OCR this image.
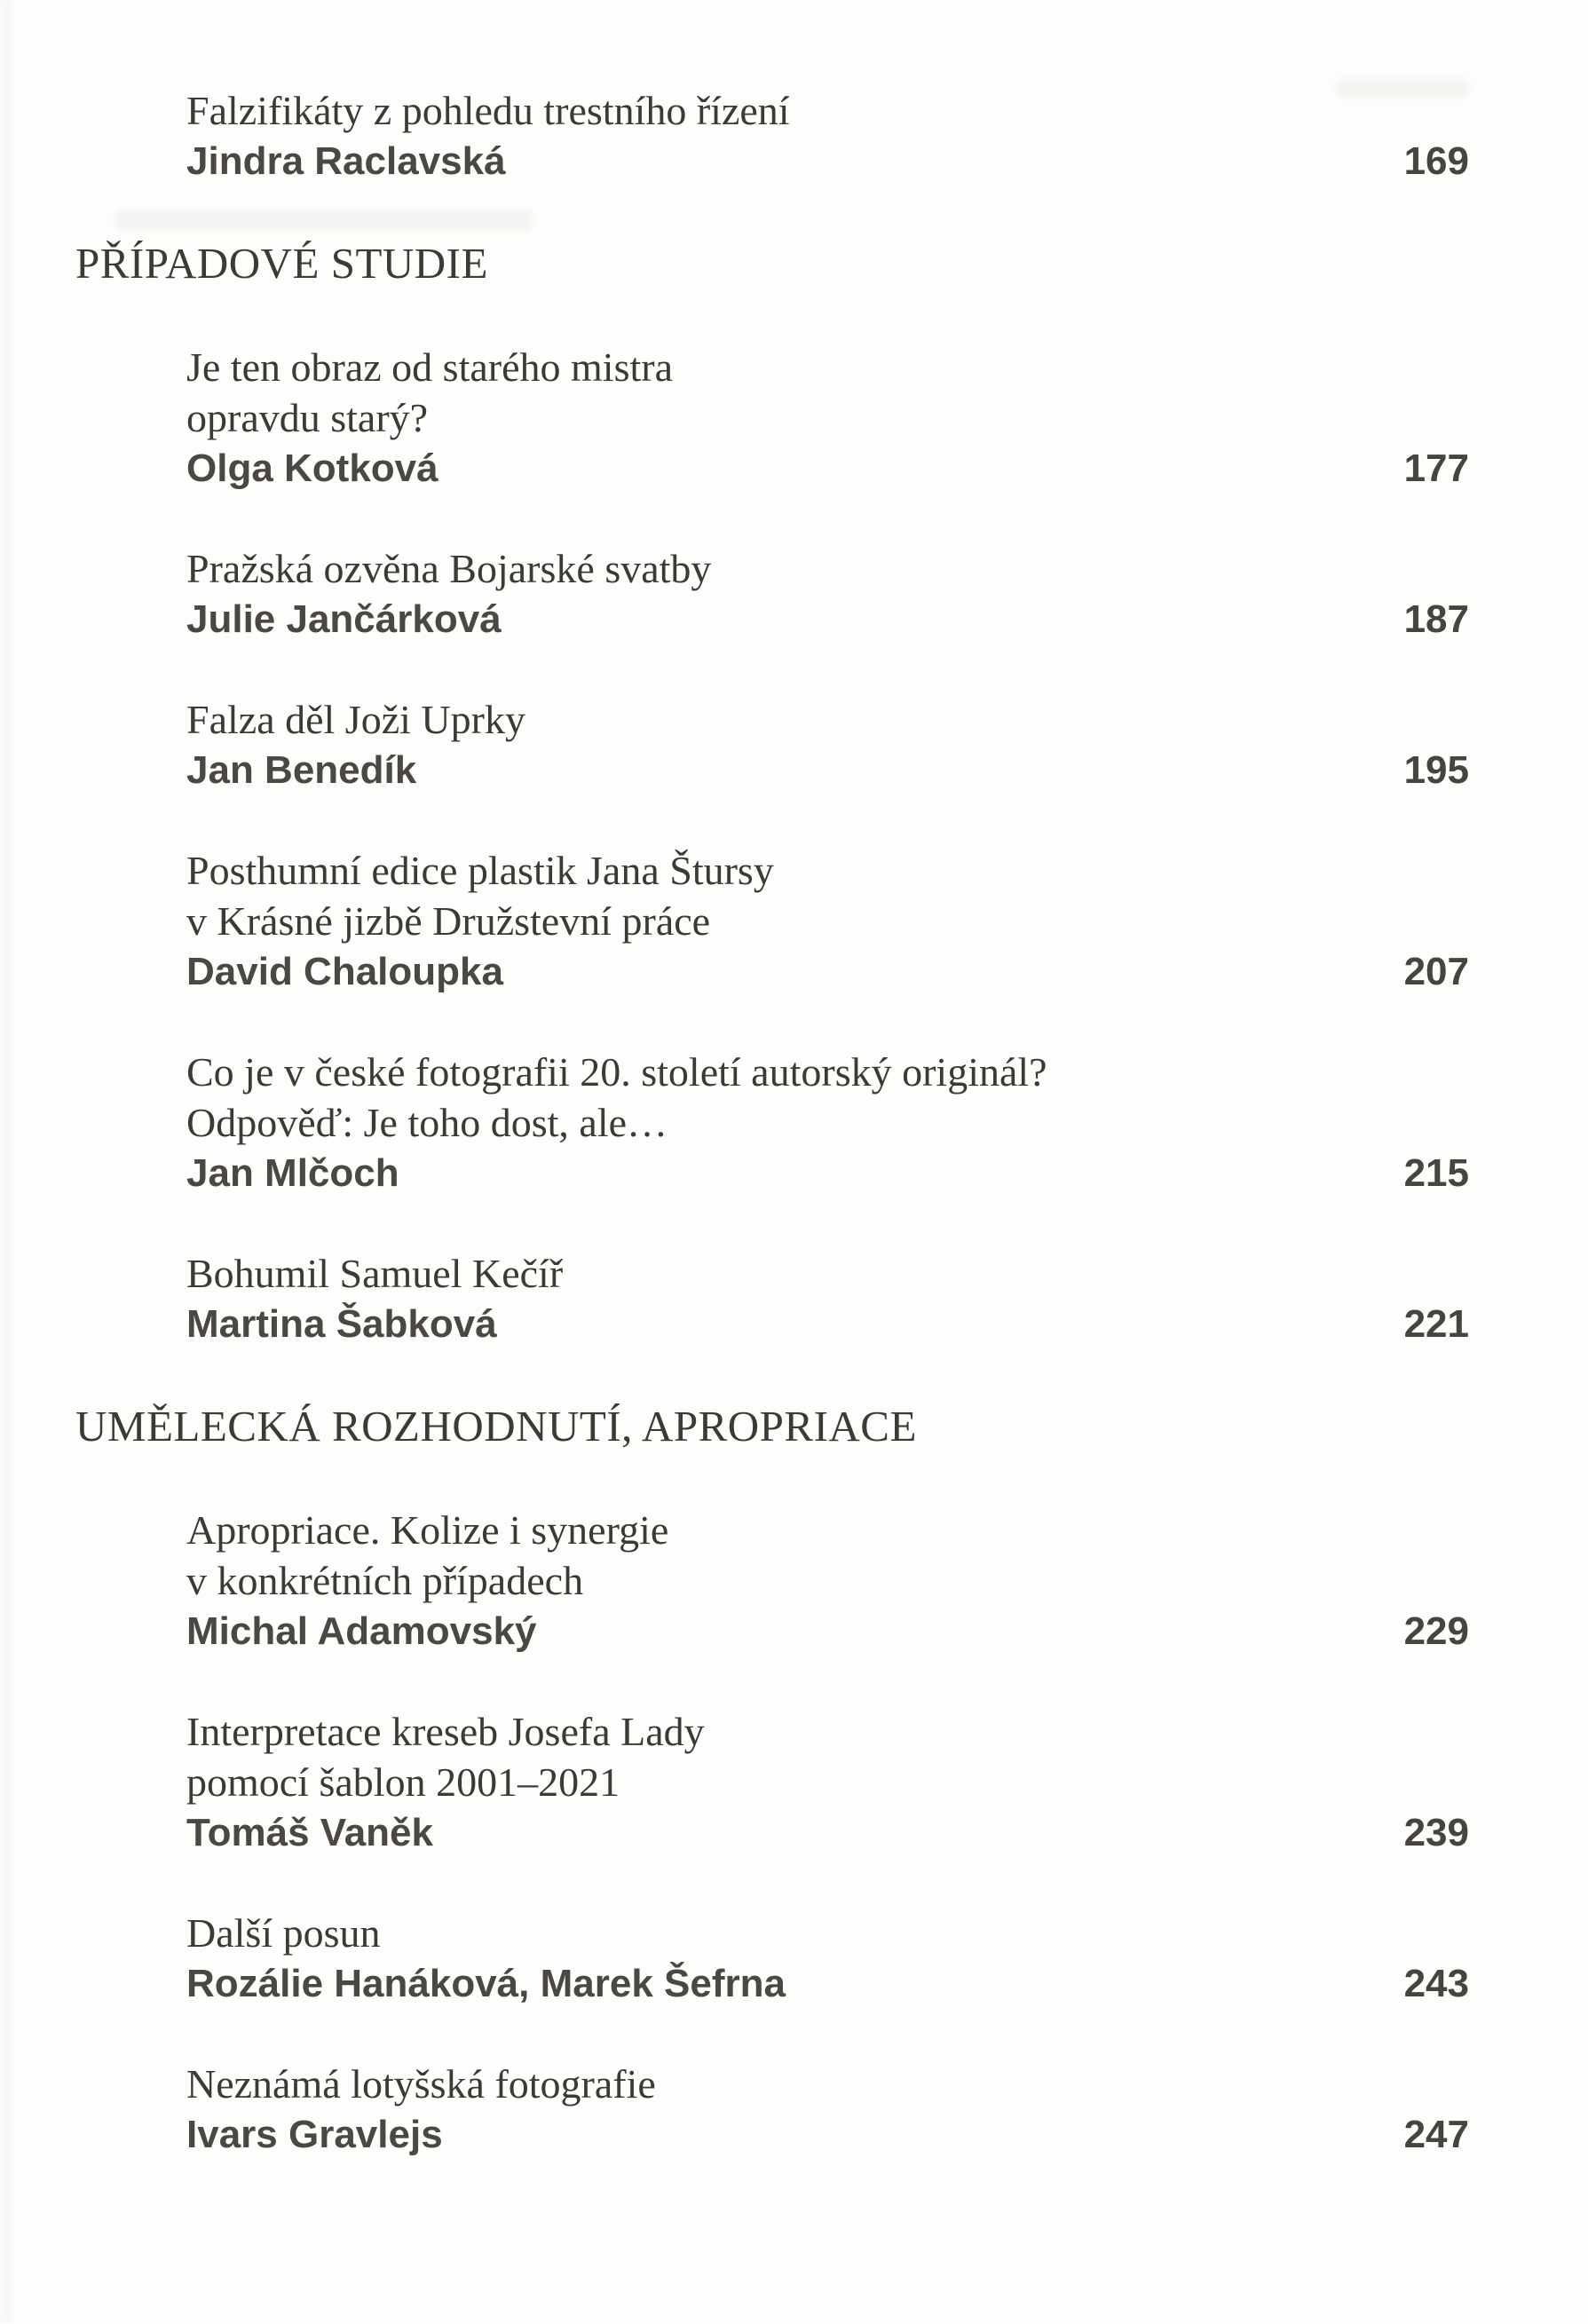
Falzifikáty z pohledu trestního řízení
Jindra Raclavská	169
PŘÍPADOVÉ STUDIE
Je ten obraz od starého mistra
opravdu starý?
Olga Kotková	177
Pražská ozvěna Bojarské svatby
Julie Jančárková	187
Falza děl Joži Uprky
Jan Benedík	195
Posthumní edice plastik Jana Štursy
v Krásné jizbě Družstevní práce
David Chaloupka	207
Co je v české fotografii 20. století autorský originál?
Odpověď: Je toho dost, ale…
Jan Mlčoch	215
Bohumil Samuel Kečíř
Martina Šabková	221
UMĚLECKÁ ROZHODNUTÍ, APROPRIACE
Apropriace. Kolize i synergie
v konkrétních případech
Michal Adamovský	229
Interpretace kreseb Josefa Lady
pomocí šablon 2001–2021
Tomáš Vaněk	239
Další posun
Rozálie Hanáková, Marek Šefrna	243
Neznámá lotyšská fotografie
Ivars Gravlejs	247
